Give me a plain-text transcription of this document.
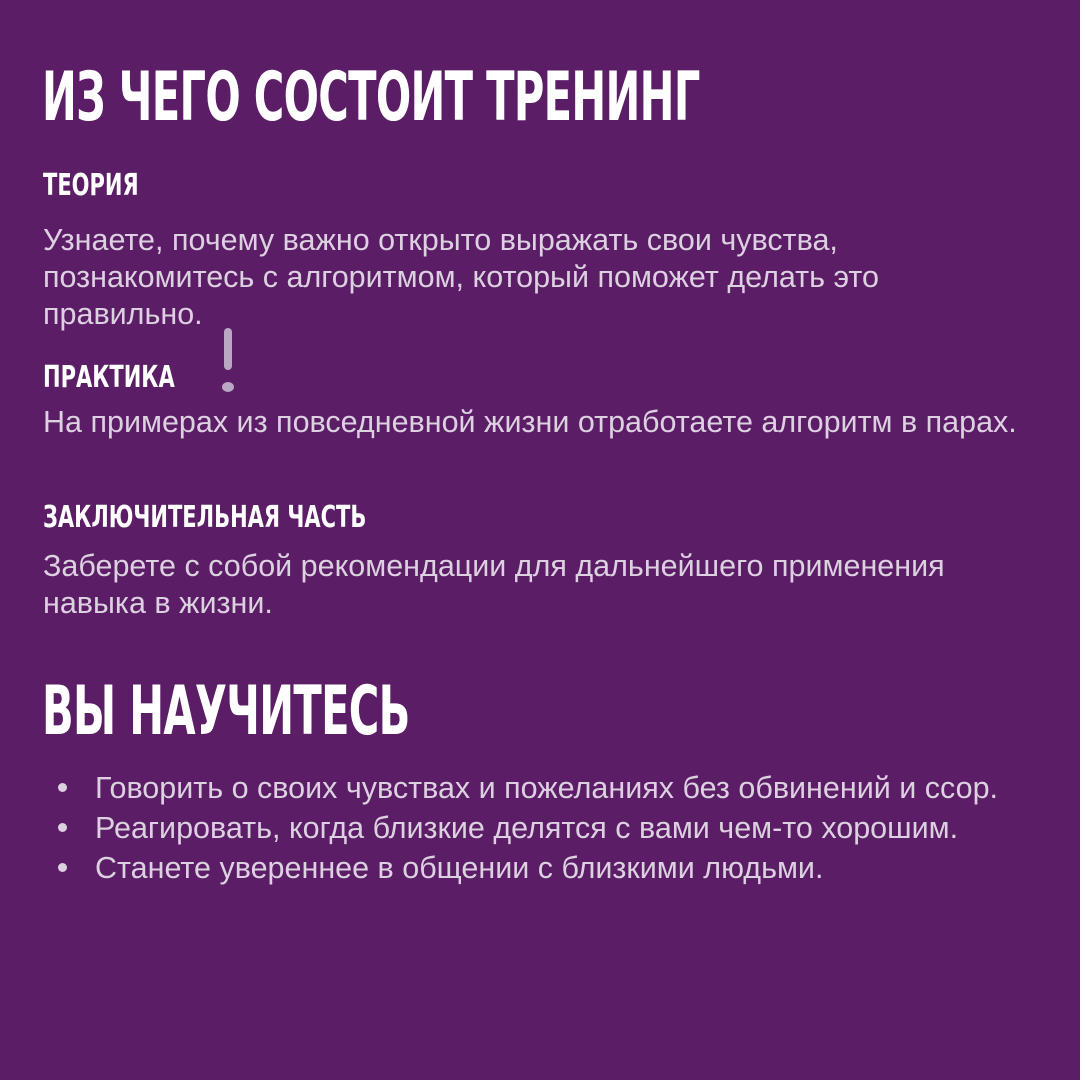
ИЗ ЧЕГО СОСТОИТ ТРЕНИНГ
ТЕОРИЯ

Узнаете, почему важно открыто выражать свои чувства, познакомитесь с алгоритмом, который поможет делать это правильно.

ПРАКТИКА

На примерах из повседневной жизни отработаете алгоритм в парах.

ЗАКЛЮЧИТЕЛЬНАЯ ЧАСТЬ

Заберете с собой рекомендации для дальнейшего применения навыка в жизни.

ВЫ НАУЧИТЕСЬ
Говорить о своих чувствах и пожеланиях без обвинений и ссор.
Реагировать, когда близкие делятся с вами чем-то хорошим.
Станете увереннее в общении с близкими людьми.
